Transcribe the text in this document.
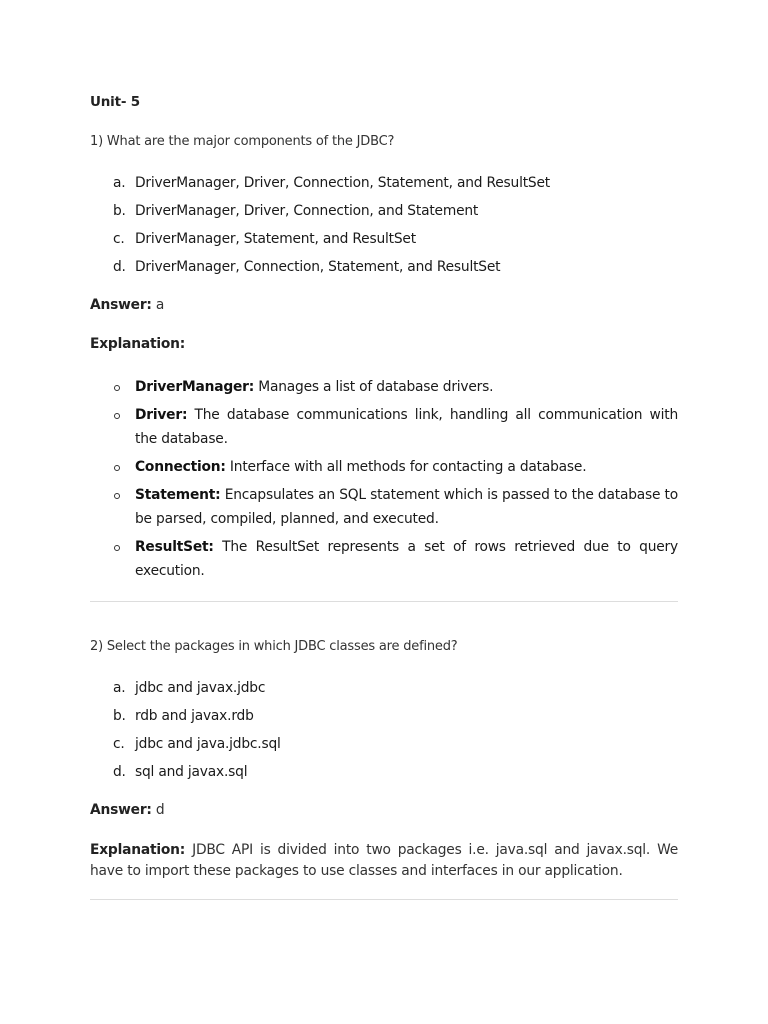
Unit- 5
1) What are the major components of the JDBC?
a. DriverManager, Driver, Connection, Statement, and ResultSet
b. DriverManager, Driver, Connection, and Statement
c. DriverManager, Statement, and ResultSet
d. DriverManager, Connection, Statement, and ResultSet
Answer: a
Explanation:
DriverManager: Manages a list of database drivers.
Driver: The database communications link, handling all communication with the database.
Connection: Interface with all methods for contacting a database.
Statement: Encapsulates an SQL statement which is passed to the database to be parsed, compiled, planned, and executed.
ResultSet: The ResultSet represents a set of rows retrieved due to query execution.
2) Select the packages in which JDBC classes are defined?
a. jdbc and javax.jdbc
b. rdb and javax.rdb
c. jdbc and java.jdbc.sql
d. sql and javax.sql
Answer: d
Explanation: JDBC API is divided into two packages i.e. java.sql and javax.sql. We have to import these packages to use classes and interfaces in our application.
